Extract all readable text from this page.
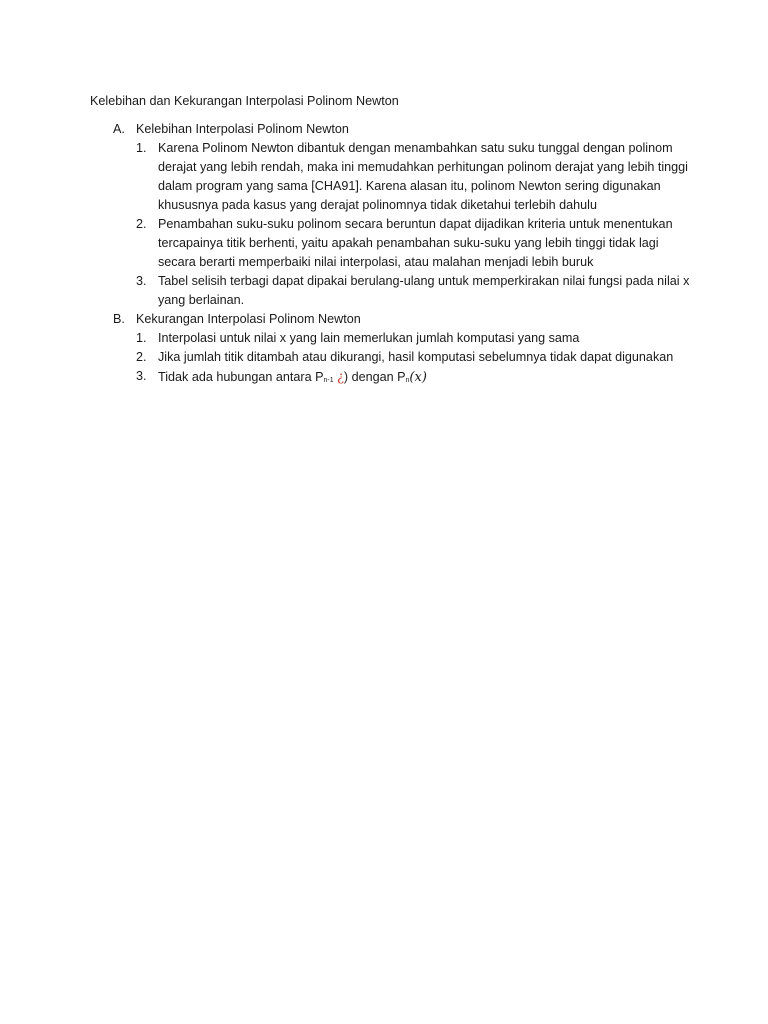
Kelebihan dan Kekurangan Interpolasi Polinom Newton
A. Kelebihan Interpolasi Polinom Newton
1. Karena Polinom Newton dibantuk dengan menambahkan satu suku tunggal dengan polinom derajat yang lebih rendah, maka ini memudahkan perhitungan polinom derajat yang lebih tinggi dalam program yang sama [CHA91]. Karena alasan itu, polinom Newton sering digunakan khususnya pada kasus yang derajat polinomnya tidak diketahui terlebih dahulu
2. Penambahan suku-suku polinom secara beruntun dapat dijadikan kriteria untuk menentukan tercapainya titik berhenti, yaitu apakah penambahan suku-suku yang lebih tinggi tidak lagi secara berarti memperbaiki nilai interpolasi, atau malahan menjadi lebih buruk
3. Tabel selisih terbagi dapat dipakai berulang-ulang untuk memperkirakan nilai fungsi pada nilai x yang berlainan.
B. Kekurangan Interpolasi Polinom Newton
1. Interpolasi untuk nilai x yang lain memerlukan jumlah komputasi yang sama
2. Jika jumlah titik ditambah atau dikurangi, hasil komputasi sebelumnya tidak dapat digunakan
3. Tidak ada hubungan antara Pn-1 ¿) dengan Pn(x)
